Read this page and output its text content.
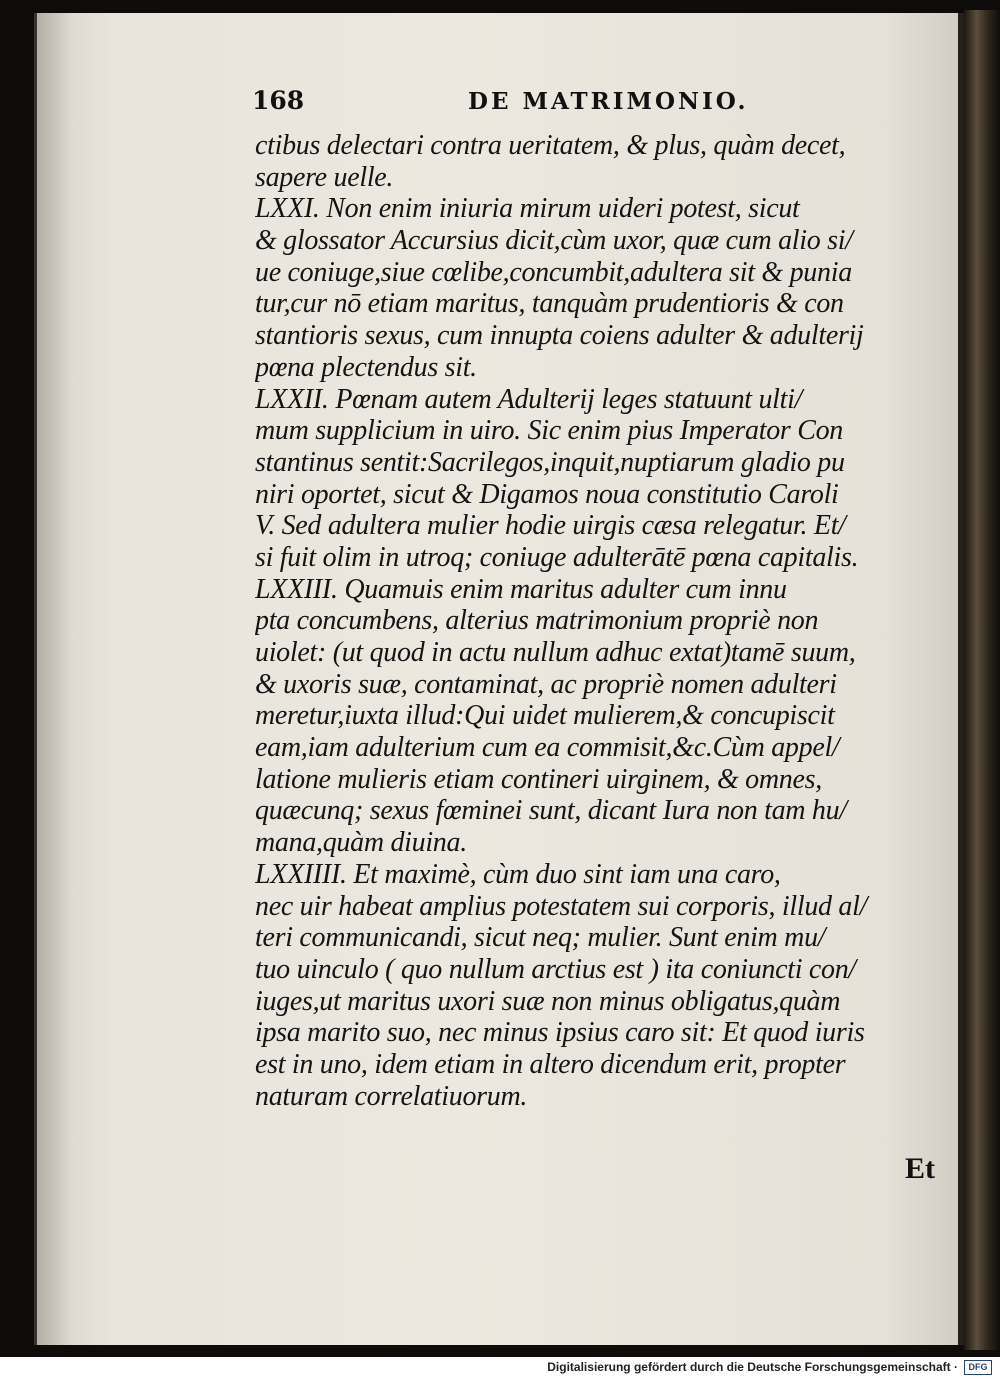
168	DE MATRIMONIO.
ctibus delectari contra ueritatem, & plus, quàm decet,
sapere uelle.
LXXI. Non enim iniuria mirum uideri potest, sicut
& glossator Accursius dicit,cùm uxor, quæ cum alio si/
ue coniuge,siue cœlibe,concumbit,adultera sit & punia
tur,cur nō etiam maritus, tanquàm prudentioris & con
stantioris sexus, cum innupta coiens adulter & adulterij
pœna plectendus sit.
LXXII. Pœnam autem Adulterij leges statuunt ulti/
mum supplicium in uiro. Sic enim pius Imperator Con
stantinus sentit:Sacrilegos,inquit,nuptiarum gladio pu
niri oportet, sicut & Digamos noua constitutio Caroli
V. Sed adultera mulier hodie uirgis cæsa relegatur. Et/
si fuit olim in utroq; coniuge adulterātē pœna capitalis.
LXXIII. Quamuis enim maritus adulter cum innu
pta concumbens, alterius matrimonium propriè non
uiolet: (ut quod in actu nullum adhuc extat)tamē suum,
& uxoris suæ, contaminat, ac propriè nomen adulteri
meretur,iuxta illud:Qui uidet mulierem,& concupiscit
eam,iam adulterium cum ea commisit,&c.Cùm appel/
latione mulieris etiam contineri uirginem, & omnes,
quæcunq; sexus fœminei sunt, dicant Iura non tam hu/
mana,quàm diuina.
LXXIIII. Et maximè, cùm duo sint iam una caro,
nec uir habeat amplius potestatem sui corporis, illud al/
teri communicandi, sicut neq; mulier. Sunt enim mu/
tuo uinculo ( quo nullum arctius est ) ita coniuncti con/
iuges,ut maritus uxori suæ non minus obligatus,quàm
ipsa marito suo, nec minus ipsius caro sit: Et quod iuris
est in uno, idem etiam in altero dicendum erit, propter
naturam correlatiuorum.
Et
Digitalisierung gefördert durch die Deutsche Forschungsgemeinschaft ·	DFG
